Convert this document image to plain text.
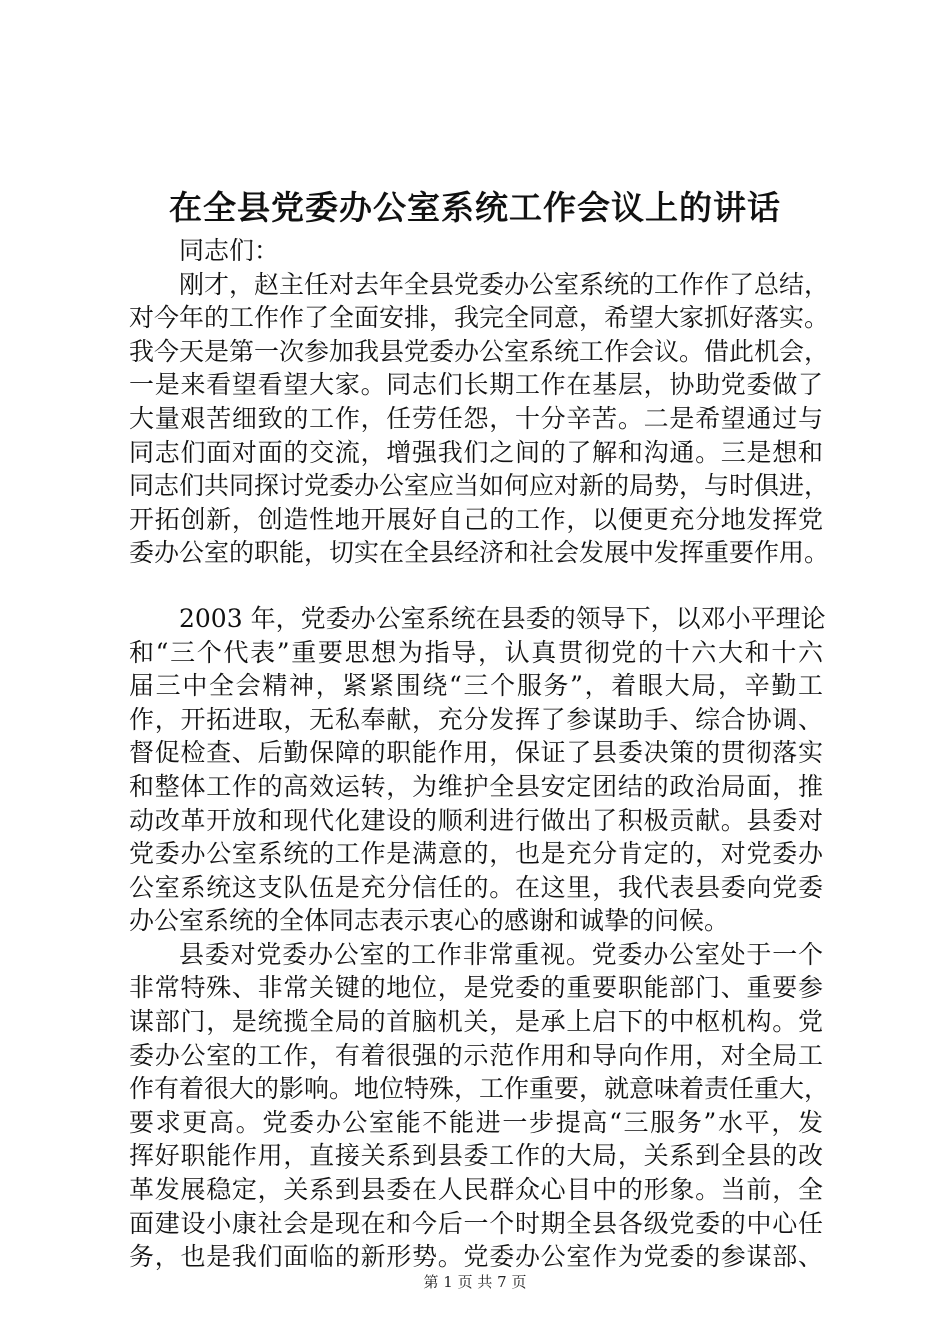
在全县党委办公室系统工作会议上的讲话
同志们：
刚才，赵主任对去年全县党委办公室系统的工作作了总结，
对今年的工作作了全面安排，我完全同意，希望大家抓好落实。
我今天是第一次参加我县党委办公室系统工作会议。借此机会，
一是来看望看望大家。同志们长期工作在基层，协助党委做了
大量艰苦细致的工作，任劳任怨，十分辛苦。二是希望通过与
同志们面对面的交流，增强我们之间的了解和沟通。三是想和
同志们共同探讨党委办公室应当如何应对新的局势，与时俱进，
开拓创新，创造性地开展好自己的工作，以便更充分地发挥党
委办公室的职能，切实在全县经济和社会发展中发挥重要作用。
2003 年，党委办公室系统在县委的领导下，以邓小平理论
和“三个代表”重要思想为指导，认真贯彻党的十六大和十六
届三中全会精神，紧紧围绕“三个服务”，着眼大局，辛勤工
作，开拓进取，无私奉献，充分发挥了参谋助手、综合协调、
督促检查、后勤保障的职能作用，保证了县委决策的贯彻落实
和整体工作的高效运转，为维护全县安定团结的政治局面，推
动改革开放和现代化建设的顺利进行做出了积极贡献。县委对
党委办公室系统的工作是满意的，也是充分肯定的，对党委办
公室系统这支队伍是充分信任的。在这里，我代表县委向党委
办公室系统的全体同志表示衷心的感谢和诚挚的问候。
县委对党委办公室的工作非常重视。党委办公室处于一个
非常特殊、非常关键的地位，是党委的重要职能部门、重要参
谋部门，是统揽全局的首脑机关，是承上启下的中枢机构。党
委办公室的工作，有着很强的示范作用和导向作用，对全局工
作有着很大的影响。地位特殊，工作重要，就意味着责任重大，
要求更高。党委办公室能不能进一步提高“三服务”水平，发
挥好职能作用，直接关系到县委工作的大局，关系到全县的改
革发展稳定，关系到县委在人民群众心目中的形象。当前，全
面建设小康社会是现在和今后一个时期全县各级党委的中心任
务，也是我们面临的新形势。党委办公室作为党委的参谋部、
第 1 页 共 7 页
